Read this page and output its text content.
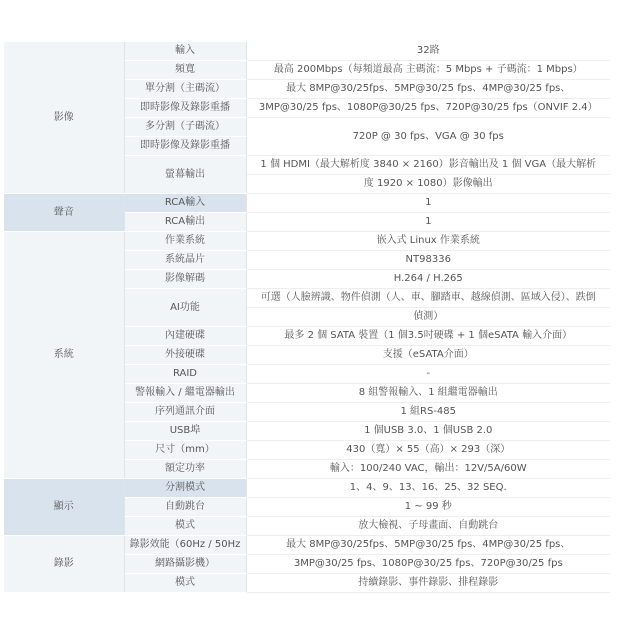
影像	輸入	32路
	頻寬	最高 200Mbps（每頻道最高 主碼流：5 Mbps + 子碼流：1 Mbps）
	單分割（主碼流）	最大 8MP@30/25fps、5MP@30/25 fps、4MP@30/25 fps、
	即時影像及錄影重播	3MP@30/25 fps、1080P@30/25 fps、720P@30/25 fps（ONVIF 2.4）
	多分割（子碼流）	720P @ 30 fps、VGA @ 30 fps
	即時影像及錄影重播	
	螢幕輸出	1 個 HDMI（最大解析度 3840 × 2160）影音輸出及 1 個 VGA（最大解析
		度 1920 × 1080）影像輸出
聲音	RCA輸入	1
	RCA輸出	1
系統	作業系統	嵌入式 Linux 作業系統
	系統晶片	NT98336
	影像解碼	H.264 / H.265
	AI功能	可選（人臉辨識、物件偵測（人、車、腳踏車、越線偵測、區域入侵）、跌倒
		偵測）
	內建硬碟	最多 2 個 SATA 裝置（1 個3.5吋硬碟 + 1 個eSATA 輸入介面）
	外接硬碟	支援（eSATA介面）
	RAID	-
	警報輸入 / 繼電器輸出	8 組警報輸入、1 組繼電器輸出
	序列通訊介面	1 組RS-485
	USB埠	1 個USB 3.0、1 個USB 2.0
	尺寸（mm）	430（寬）× 55（高）× 293（深）
	額定功率	輸入：100/240 VAC，輸出：12V/5A/60W
顯示	分割模式	1、4、9、13、16、25、32 SEQ.
	自動跳台	1 ~ 99 秒
	模式	放大檢視、子母畫面、自動跳台
錄影	錄影效能（60Hz / 50Hz	最大 8MP@30/25fps、5MP@30/25 fps、4MP@30/25 fps、
	網路攝影機）	3MP@30/25 fps、1080P@30/25 fps、720P@30/25 fps
	模式	持續錄影、事件錄影、排程錄影
